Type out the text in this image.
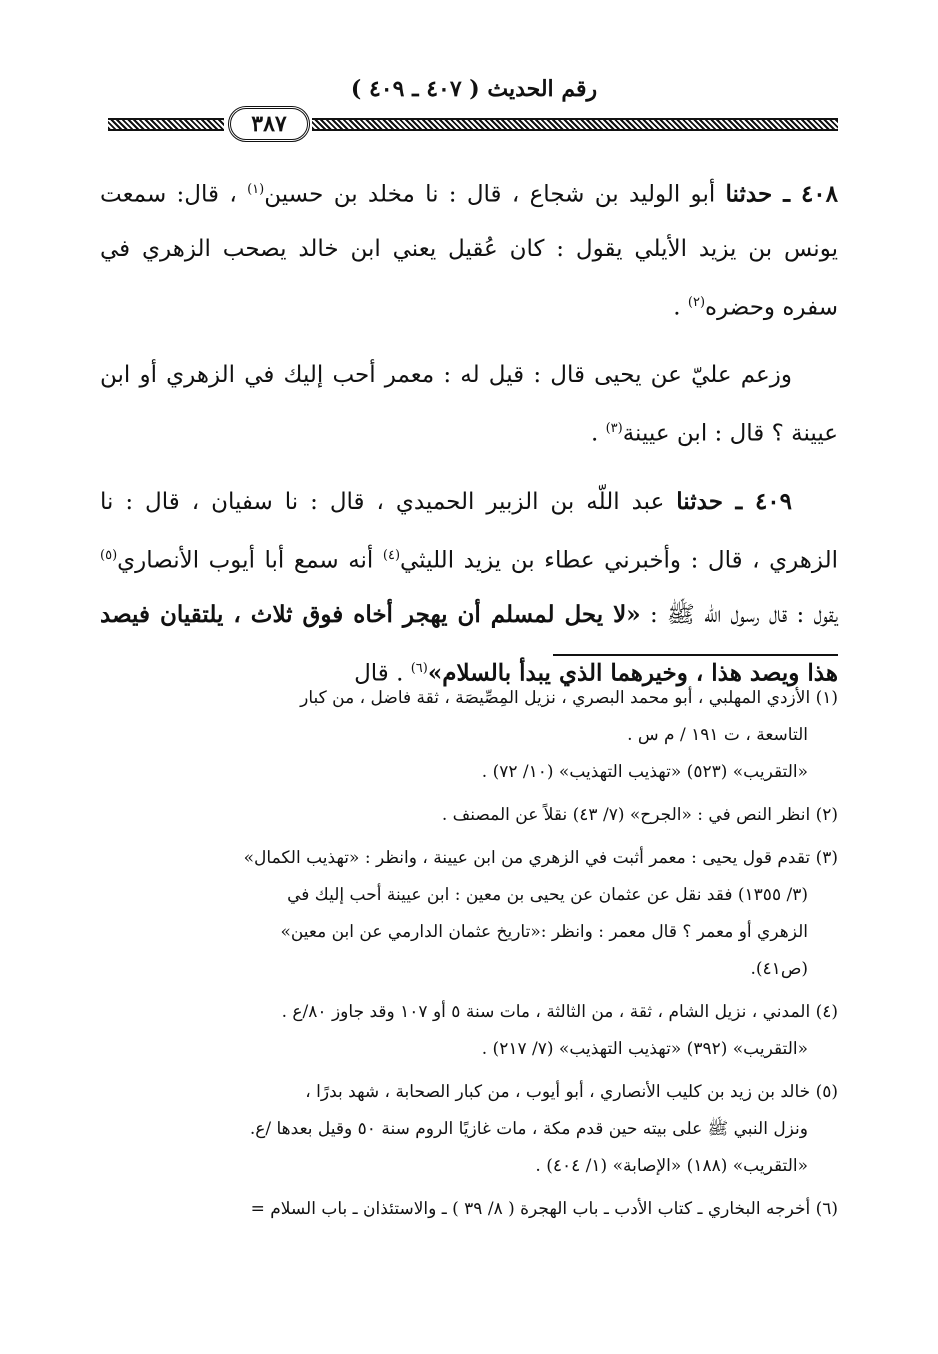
رقم الحديث ( ٤٠٧ ـ ٤٠٩ )
٣٨٧

٤٠٨ ـ حدثنا أبو الوليد بن شجاع ، قال : نا مخلد بن حسين$^{(١)}$ ، قال: سمعت يونس بن يزيد الأيلي يقول : كان عُقيل يعني ابن خالد يصحب الزهري في سفره وحضره$^{(٢)}$ .

وزعم عليّ عن يحيى قال : قيل له : معمر أحب إليك في الزهري أو ابن عيينة ؟ قال : ابن عيينة$^{(٣)}$ .

٤٠٩ ـ حدثنا عبد اللّه بن الزبير الحميدي ، قال : نا سفيان ، قال : نا الزهري ، قال : وأخبرني عطاء بن يزيد الليثي$^{(٤)}$ أنه سمع أبا أيوب الأنصاري$^{(٥)}$ يقول : قال رسول اللّه ﷺ : «لا يحل لمسلم أن يهجر أخاه فوق ثلاث ، يلتقيان فيصد هذا ويصد هذا ، وخيرهما الذي يبدأ بالسلام»$^{(٦)}$ . قال

(١) الأزدي المهلبي ، أبو محمد البصري ، نزيل المِصِّيصَة ، ثقة فاضل ، من كبار
التاسعة ، ت ١٩١ / م س .
«التقريب» (٥٢٣) «تهذيب التهذيب» (١٠/ ٧٢) .
(٢) انظر النص في : «الجرح» (٧/ ٤٣) نقلاً عن المصنف .
(٣) تقدم قول يحيى : معمر أثبت في الزهري من ابن عيينة ، وانظر : «تهذيب الكمال»
(٣/ ١٣٥٥) فقد نقل عن عثمان عن يحيى بن معين : ابن عيينة أحب إليك في
الزهري أو معمر ؟ قال معمر : وانظر :«تاريخ عثمان الدارمي عن ابن معين»
(ص٤١).
(٤) المدني ، نزيل الشام ، ثقة ، من الثالثة ، مات سنة ٥ أو ١٠٧ وقد جاوز ٨٠/ع .
«التقريب» (٣٩٢) «تهذيب التهذيب» (٧/ ٢١٧) .
(٥) خالد بن زيد بن كليب الأنصاري ، أبو أيوب ، من كبار الصحابة ، شهد بدرًا ،
ونزل النبي ﷺ على بيته حين قدم مكة ، مات غازيًا الروم سنة ٥٠ وقيل بعدها /ع.
«التقريب» (١٨٨) «الإصابة» (١/ ٤٠٤) .
(٦) أخرجه البخاري ـ كتاب الأدب ـ باب الهجرة ( ٨/ ٣٩ ) ـ والاستئذان ـ باب السلام =
